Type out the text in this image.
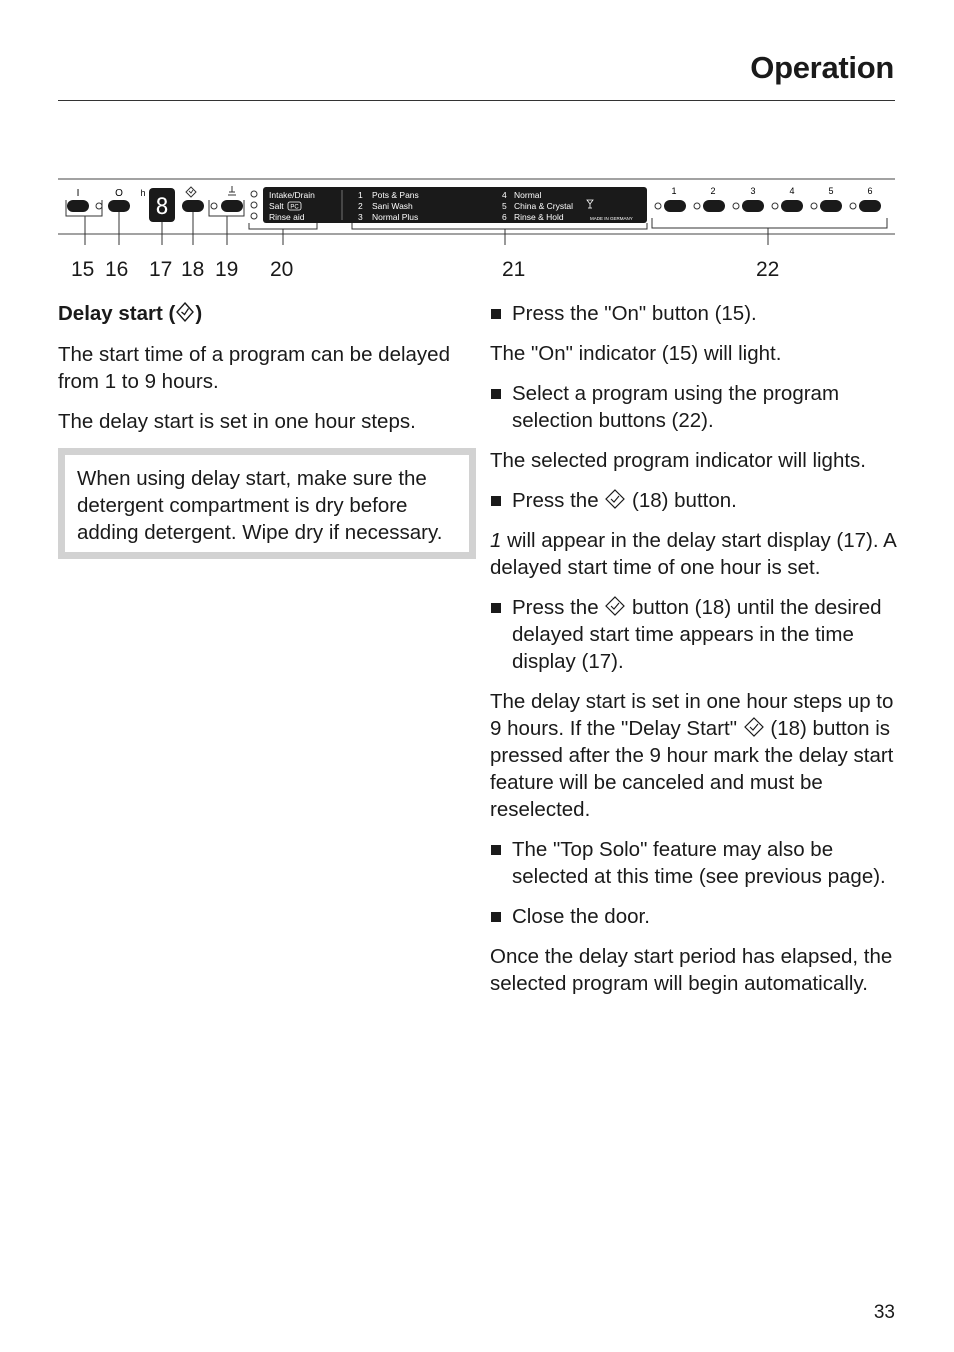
Operation
I	O h
8	Intake/Drain
Salt PC
Rinse aid
1 Pots & Pans
2 Sani Wash
3 Normal Plus
4 Normal
5 China & Crystal
6 Rinse & Hold	MADE IN GERMANY
1	2	3	4	5	6
15 16 17 18 19 20	21	22
Delay start ( )

The start time of a program can be delayed from 1 to 9 hours.

The delay start is set in one hour steps.

When using delay start, make sure the detergent compartment is dry before adding detergent. Wipe dry if necessary.

Press the "On" button (15).

The "On" indicator (15) will light.

Select a program using the program selection buttons (22).

The selected program indicator will lights.

Press the  (18) button.

1 will appear in the delay start display (17). A delayed start time of one hour is set.

Press the  button (18) until the desired delayed start time appears in the time display (17).

The delay start is set in one hour steps up to 9 hours. If the "Delay Start"  (18) button is pressed after the 9 hour mark the delay start feature will be canceled and must be reselected.

The "Top Solo" feature may also be selected at this time (see previous page).
Close the door.

Once the delay start period has elapsed, the selected program will begin automatically.

33
